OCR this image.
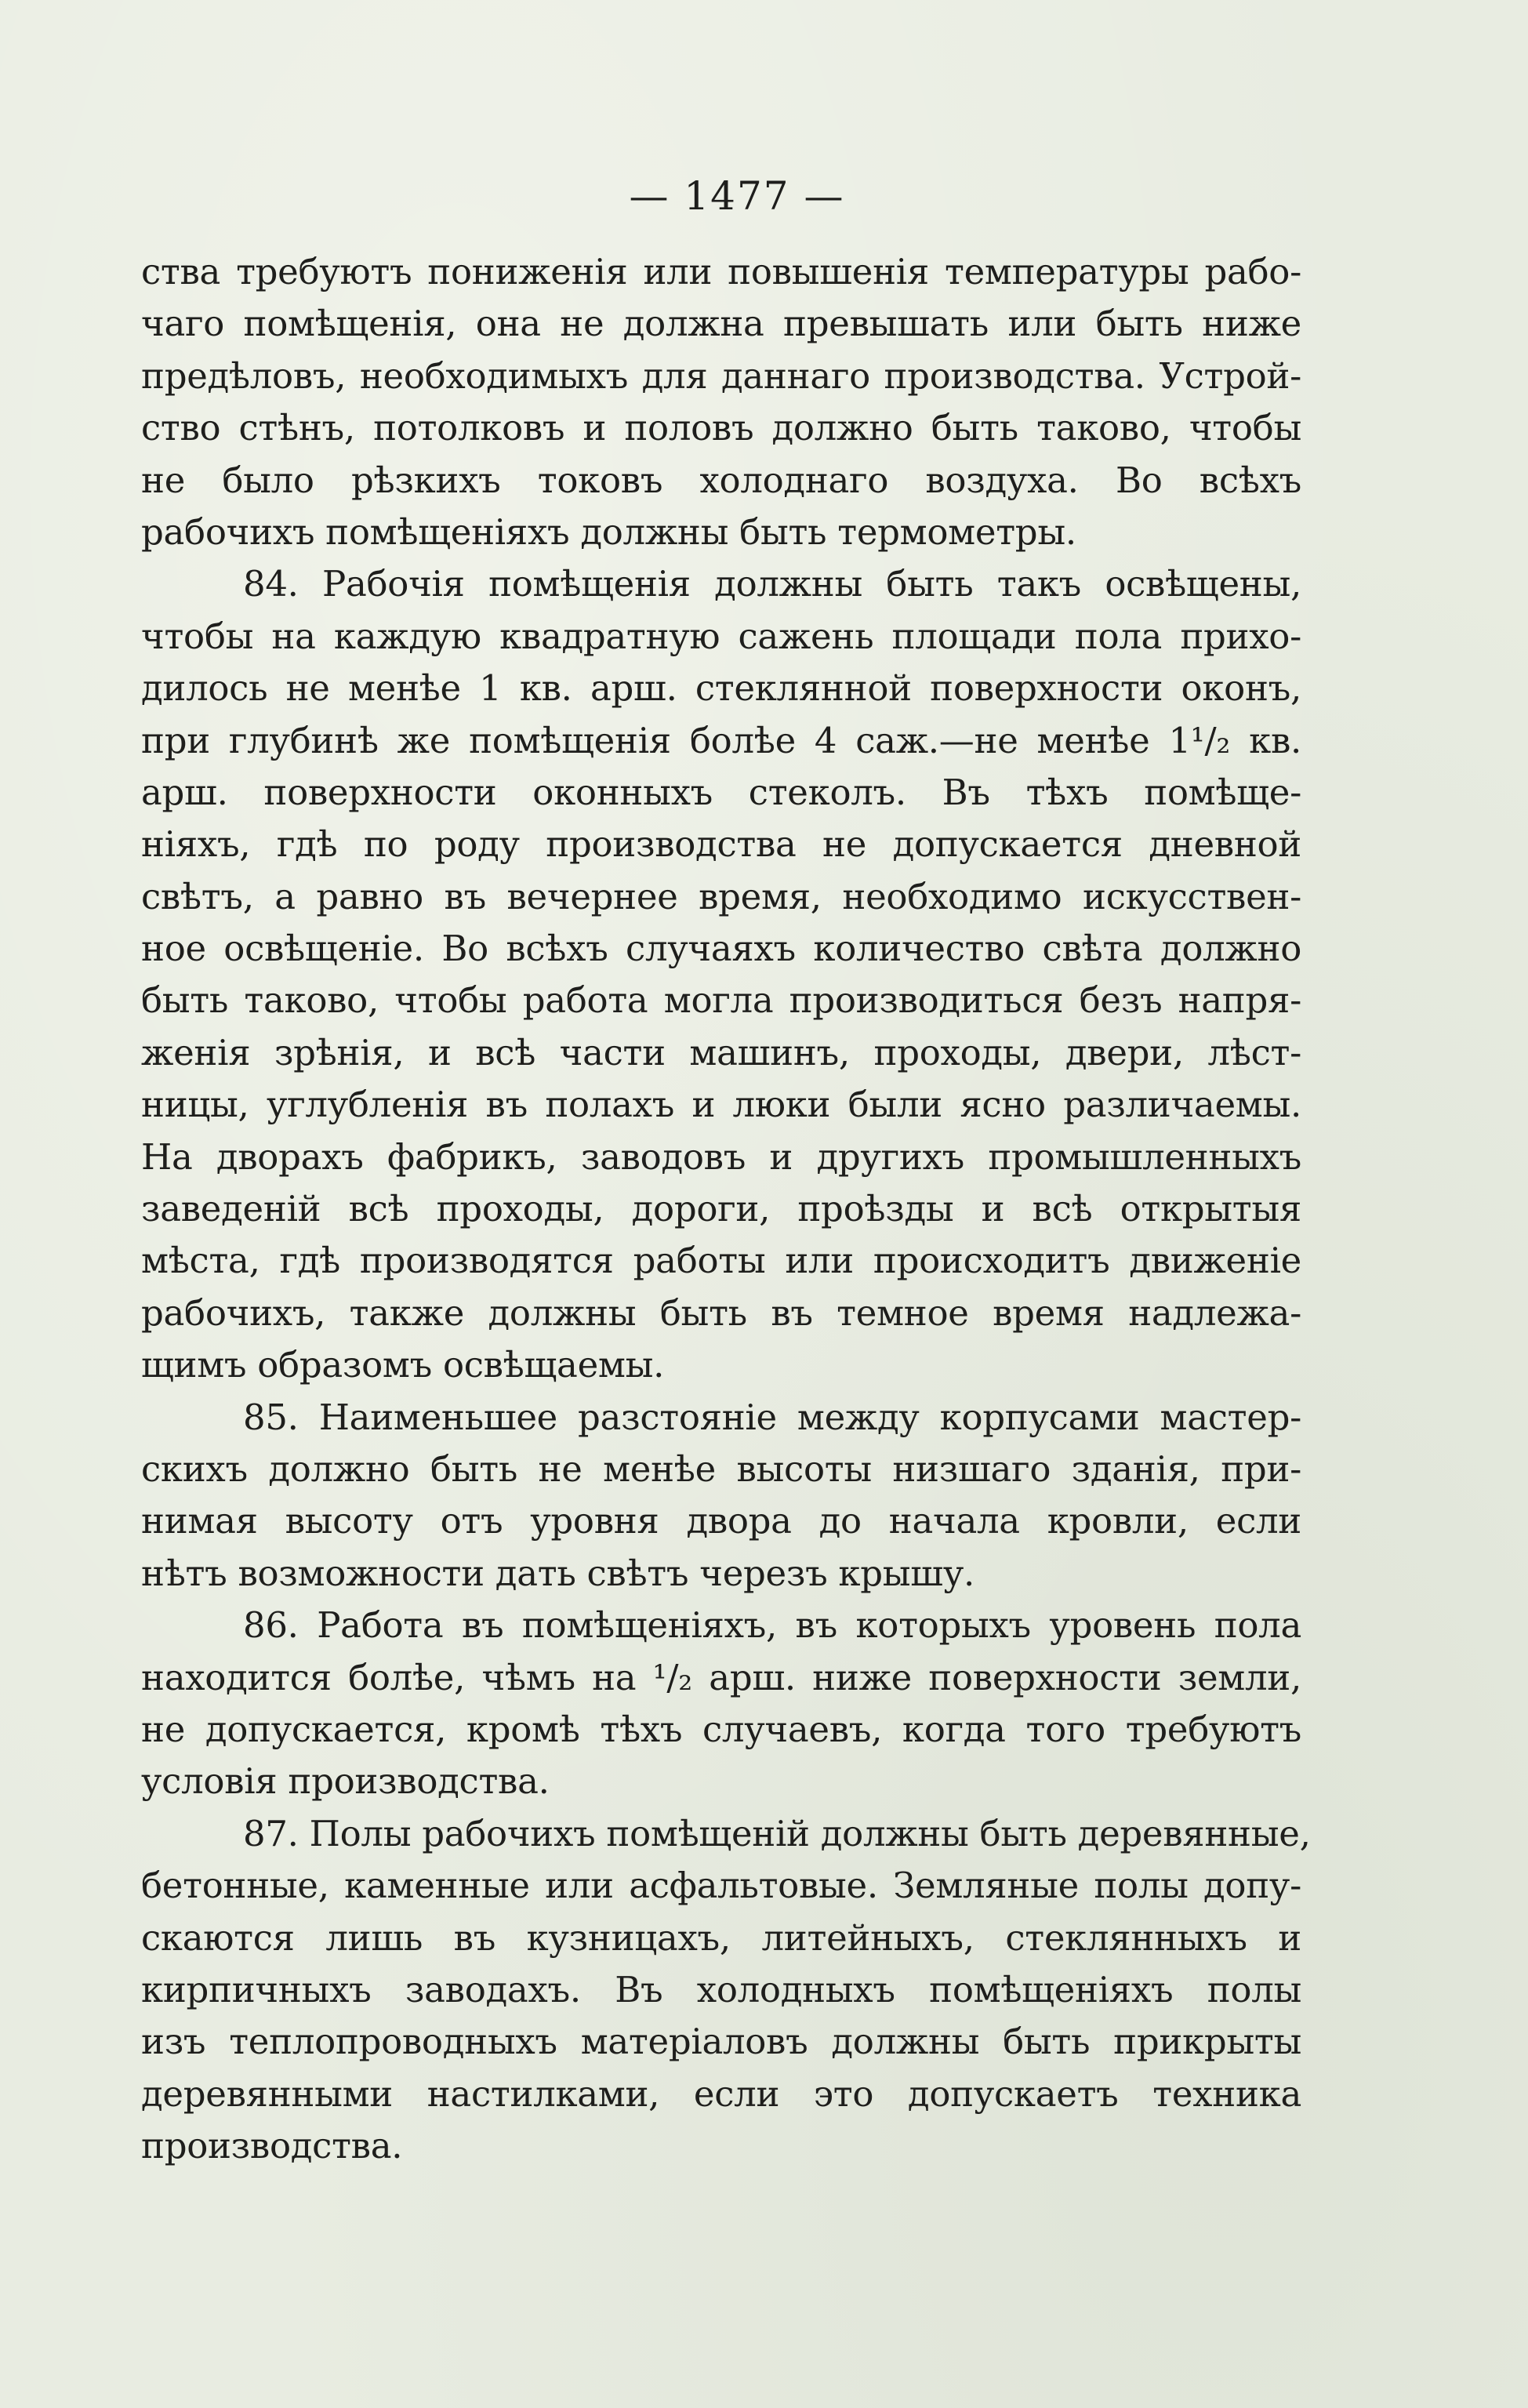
— 1477 —
ства требуютъ пониженія или повышенія температуры рабо-
чаго помѣщенія, она не должна превышать или быть ниже
предѣловъ, необходимыхъ для даннаго производства. Устрой-
ство стѣнъ, потолковъ и половъ должно быть таково, чтобы
не было рѣзкихъ токовъ холоднаго воздуха. Во всѣхъ
рабочихъ помѣщеніяхъ должны быть термометры.
84. Рабочія помѣщенія должны быть такъ освѣщены,
чтобы на каждую квадратную сажень площади пола прихо-
дилось не менѣе 1 кв. арш. стеклянной поверхности оконъ,
при глубинѣ же помѣщенія болѣе 4 саж.—не менѣе 1¹/₂ кв.
арш. поверхности оконныхъ стеколъ. Въ тѣхъ помѣще-
ніяхъ, гдѣ по роду производства не допускается дневной
свѣтъ, а равно въ вечернее время, необходимо искусствен-
ное освѣщеніе. Во всѣхъ случаяхъ количество свѣта должно
быть таково, чтобы работа могла производиться безъ напря-
женія зрѣнія, и всѣ части машинъ, проходы, двери, лѣст-
ницы, углубленія въ полахъ и люки были ясно различаемы.
На дворахъ фабрикъ, заводовъ и другихъ промышленныхъ
заведеній всѣ проходы, дороги, проѣзды и всѣ открытыя
мѣста, гдѣ производятся работы или происходитъ движеніе
рабочихъ, также должны быть въ темное время надлежа-
щимъ образомъ освѣщаемы.
85. Наименьшее разстояніе между корпусами мастер-
скихъ должно быть не менѣе высоты низшаго зданія, при-
нимая высоту отъ уровня двора до начала кровли, если
нѣтъ возможности дать свѣтъ черезъ крышу.
86. Работа въ помѣщеніяхъ, въ которыхъ уровень пола
находится болѣе, чѣмъ на ¹/₂ арш. ниже поверхности земли,
не допускается, кромѣ тѣхъ случаевъ, когда того требуютъ
условія производства.
87. Полы рабочихъ помѣщеній должны быть деревянные,
бетонные, каменные или асфальтовые. Земляные полы допу-
скаются лишь въ кузницахъ, литейныхъ, стеклянныхъ и
кирпичныхъ заводахъ. Въ холодныхъ помѣщеніяхъ полы
изъ теплопроводныхъ матеріаловъ должны быть прикрыты
деревянными настилками, если это допускаетъ техника
производства.
